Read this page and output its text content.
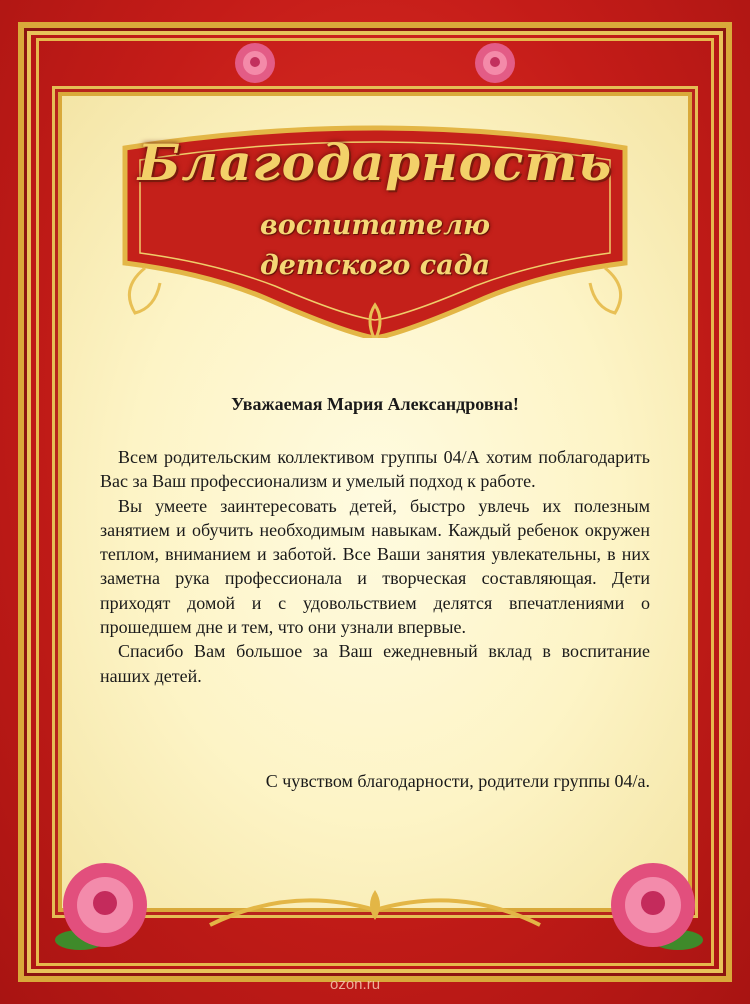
Благодарность
воспитателю
детского сада
Уважаемая Мария Александровна!

Всем родительским коллективом группы 04/А хотим поблагодарить Вас за Ваш профессионализм и умелый подход к работе.

Вы умеете заинтересовать детей, быстро увлечь их полезным занятием и обучить необходимым навыкам. Каждый ребенок окружен теплом, вниманием и заботой. Все Ваши занятия увлекательны, в них заметна рука профессионала и творческая составляющая. Дети приходят домой и с удовольствием делятся впечатлениями о прошедшем дне и тем, что они узнали впервые.

Спасибо Вам большое за Ваш ежедневный вклад в воспитание наших детей.

С чувством благодарности, родители группы 04/а.
ozon.ru
